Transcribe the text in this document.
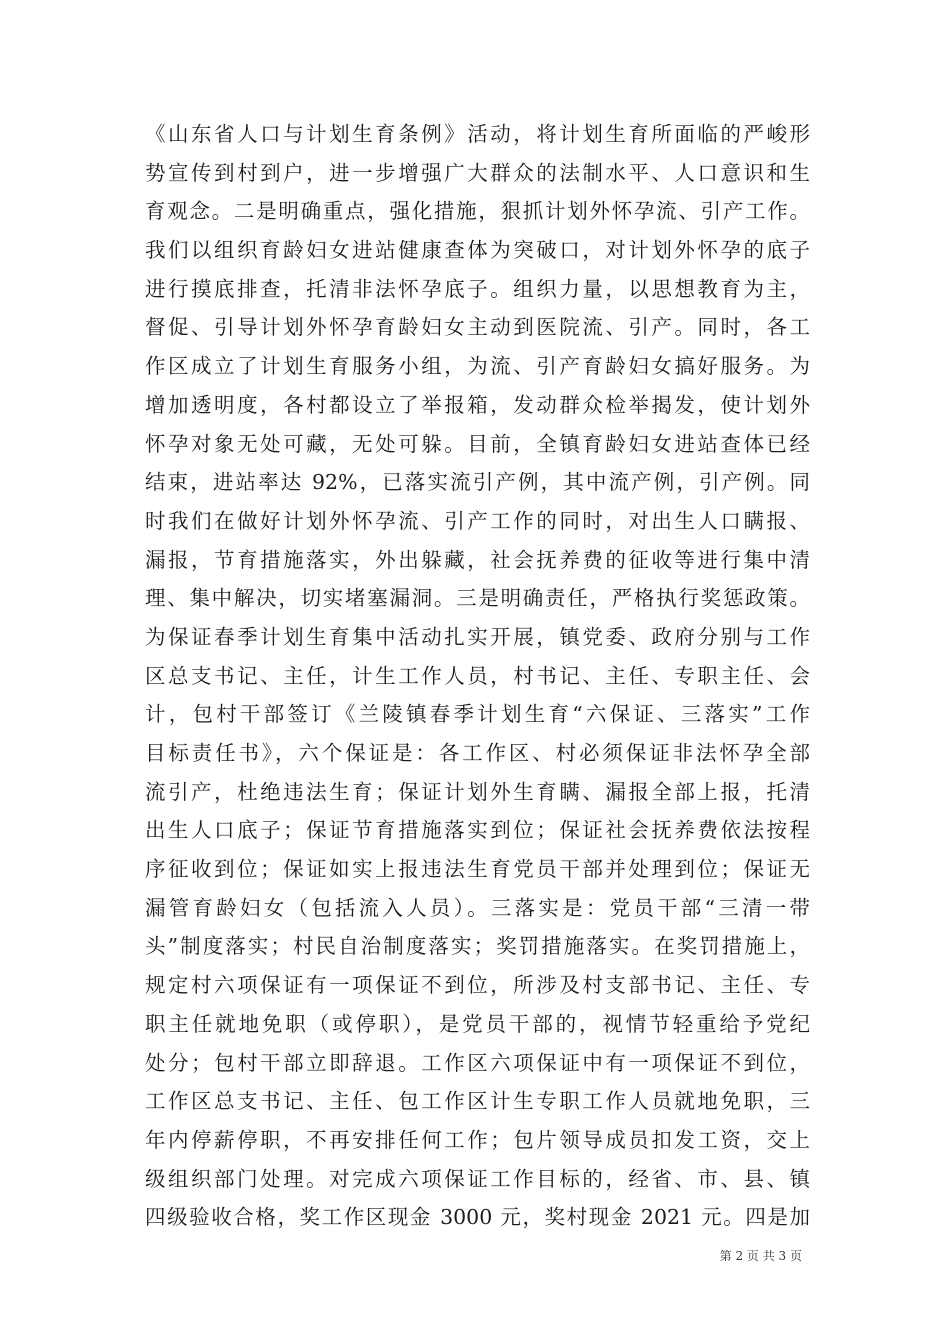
《山东省人口与计划生育条例》活动，将计划生育所面临的严峻形
势宣传到村到户，进一步增强广大群众的法制水平、人口意识和生
育观念。二是明确重点，强化措施，狠抓计划外怀孕流、引产工作。
我们以组织育龄妇女进站健康查体为突破口，对计划外怀孕的底子
进行摸底排查，托清非法怀孕底子。组织力量，以思想教育为主，
督促、引导计划外怀孕育龄妇女主动到医院流、引产。同时，各工
作区成立了计划生育服务小组，为流、引产育龄妇女搞好服务。为
增加透明度，各村都设立了举报箱，发动群众检举揭发，使计划外
怀孕对象无处可藏，无处可躲。目前，全镇育龄妇女进站查体已经
结束，进站率达 92%，已落实流引产例，其中流产例，引产例。同
时我们在做好计划外怀孕流、引产工作的同时，对出生人口瞒报、
漏报，节育措施落实，外出躲藏，社会抚养费的征收等进行集中清
理、集中解决，切实堵塞漏洞。三是明确责任，严格执行奖惩政策。
为保证春季计划生育集中活动扎实开展，镇党委、政府分别与工作
区总支书记、主任，计生工作人员，村书记、主任、专职主任、会
计，包村干部签订《兰陵镇春季计划生育“六保证、三落实”工作
目标责任书》，六个保证是：各工作区、村必须保证非法怀孕全部
流引产，杜绝违法生育；保证计划外生育瞒、漏报全部上报，托清
出生人口底子；保证节育措施落实到位；保证社会抚养费依法按程
序征收到位；保证如实上报违法生育党员干部并处理到位；保证无
漏管育龄妇女（包括流入人员）。三落实是：党员干部“三清一带
头”制度落实；村民自治制度落实；奖罚措施落实。在奖罚措施上，
规定村六项保证有一项保证不到位，所涉及村支部书记、主任、专
职主任就地免职（或停职），是党员干部的，视情节轻重给予党纪
处分；包村干部立即辞退。工作区六项保证中有一项保证不到位，
工作区总支书记、主任、包工作区计生专职工作人员就地免职，三
年内停薪停职，不再安排任何工作；包片领导成员扣发工资，交上
级组织部门处理。对完成六项保证工作目标的，经省、市、县、镇
四级验收合格，奖工作区现金 3000 元，奖村现金 2021 元。四是加
第 2 页 共 3 页
